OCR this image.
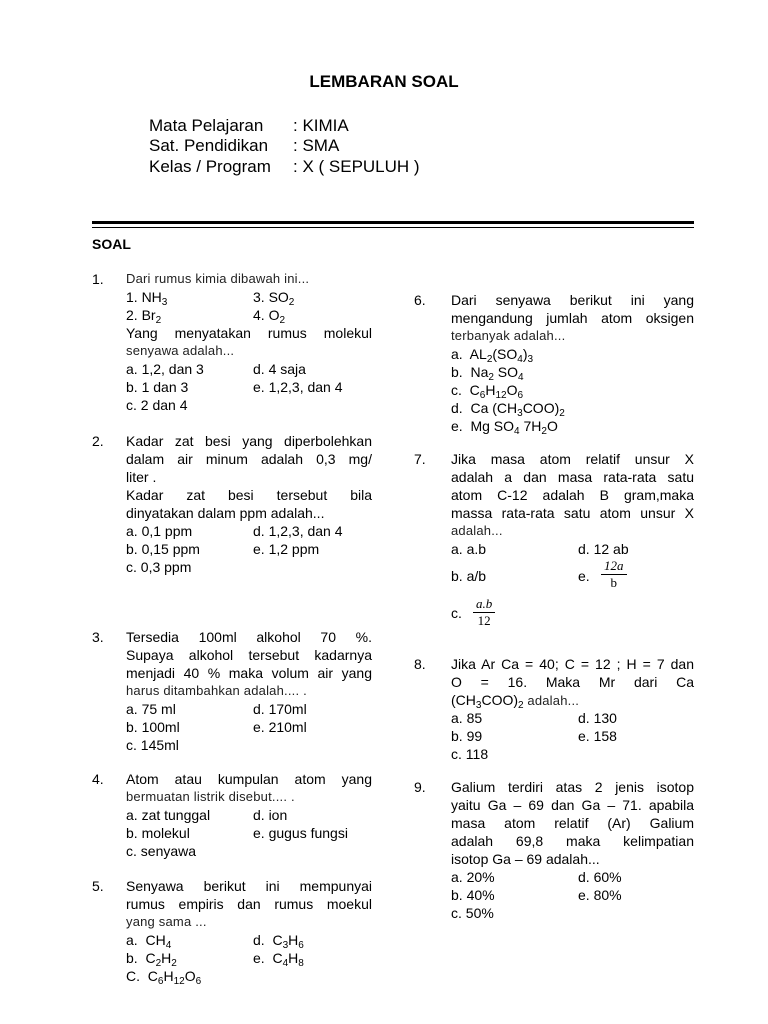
LEMBARAN SOAL
Mata Pelajaran : KIMIA
Sat. Pendidikan : SMA
Kelas / Program : X ( SEPULUH )
SOAL
1. Dari rumus kimia dibawah ini...
1. $NH_3$	3. $SO_2$
2. $Br_2$	4. $O_2$
Yang menyatakan rumus molekul
senyawa adalah...
a. 1,2, dan 3	d. 4 saja
b. 1 dan 3	e. 1,2,3, dan 4
c. 2 dan 4
2. Kadar zat besi yang diperbolehkan
dalam air minum adalah 0,3 mg/
liter .
Kadar zat besi tersebut bila
dinyatakan dalam ppm adalah...
a. 0,1 ppm	d. 1,2,3, dan 4
b. 0,15 ppm	e. 1,2 ppm
c. 0,3 ppm
3. Tersedia 100ml alkohol 70 %.
Supaya alkohol tersebut kadarnya
menjadi 40 % maka volum air yang
harus ditambahkan adalah.... .
a. 75 ml	d. 170ml
b. 100ml	e. 210ml
c. 145ml
4. Atom atau kumpulan atom yang
bermuatan listrik disebut.... .
a. zat tunggal	d. ion
b. molekul	e. gugus fungsi
c. senyawa
5. Senyawa berikut ini mempunyai
rumus empiris dan rumus moekul
yang sama ...
a.  $CH_4$	d.  $C_3H_6$
b.  $C_2H_2$	e.  $C_4H_8$
C.  $C_6H_{12}O_6$
6. Dari senyawa berikut ini yang
mengandung jumlah atom oksigen
terbanyak adalah...
a.  $AL_2(SO_4)_3$
b.  $Na_2$ $SO_4$
c.  $C_6H_{12}O_6$
d.  Ca $(CH_3COO)_2$
e.  Mg $SO_4$ $7H_2O$
7. Jika masa atom relatif unsur X
adalah a dan masa rata-rata satu
atom C-12 adalah B gram,maka
massa rata-rata satu atom unsur X
adalah...
a. a.b	d. 12 ab
b. a/b	e. $\frac{12a}{b}$
c. $\frac{a.b}{12}$
8. Jika Ar Ca = 40; C = 12 ; H = 7 dan
O = 16. Maka Mr dari Ca
$(CH_3COO)_2$ adalah...
a. 85	d. 130
b. 99	e. 158
c. 118
9. Galium terdiri atas 2 jenis isotop
yaitu Ga – 69 dan Ga – 71. apabila
masa atom relatif (Ar) Galium
adalah 69,8 maka kelimpatian
isotop Ga – 69 adalah...
a. 20%	d. 60%
b. 40%	e. 80%
c. 50%
